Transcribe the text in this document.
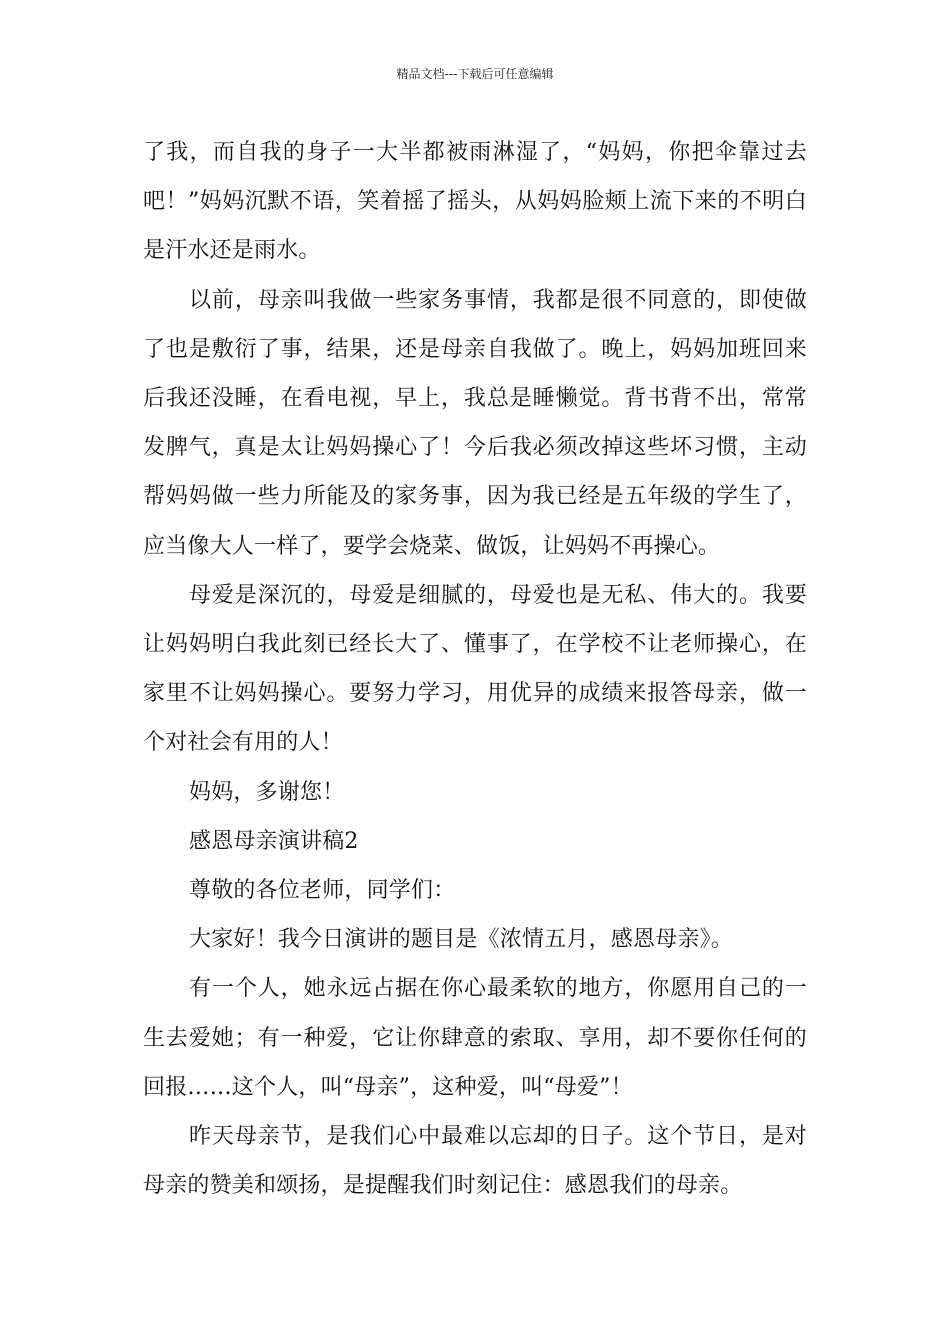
精品文档---下载后可任意编辑

了我，而自我的身子一大半都被雨淋湿了，“妈妈，你把伞靠过去吧！”妈妈沉默不语，笑着摇了摇头，从妈妈脸颊上流下来的不明白是汗水还是雨水。

以前，母亲叫我做一些家务事情，我都是很不同意的，即使做了也是敷衍了事，结果，还是母亲自我做了。晚上，妈妈加班回来后我还没睡，在看电视，早上，我总是睡懒觉。背书背不出，常常发脾气，真是太让妈妈操心了！今后我必须改掉这些坏习惯，主动帮妈妈做一些力所能及的家务事，因为我已经是五年级的学生了，应当像大人一样了，要学会烧菜、做饭，让妈妈不再操心。

母爱是深沉的，母爱是细腻的，母爱也是无私、伟大的。我要让妈妈明白我此刻已经长大了、懂事了，在学校不让老师操心，在家里不让妈妈操心。要努力学习，用优异的成绩来报答母亲，做一个对社会有用的人！

妈妈，多谢您！

感恩母亲演讲稿2

尊敬的各位老师，同学们：

大家好！我今日演讲的题目是《浓情五月，感恩母亲》。

有一个人，她永远占据在你心最柔软的地方，你愿用自己的一生去爱她；有一种爱，它让你肆意的索取、享用，却不要你任何的回报……这个人，叫“母亲”，这种爱，叫“母爱”！

昨天母亲节，是我们心中最难以忘却的日子。这个节日，是对母亲的赞美和颂扬，是提醒我们时刻记住：感恩我们的母亲。
